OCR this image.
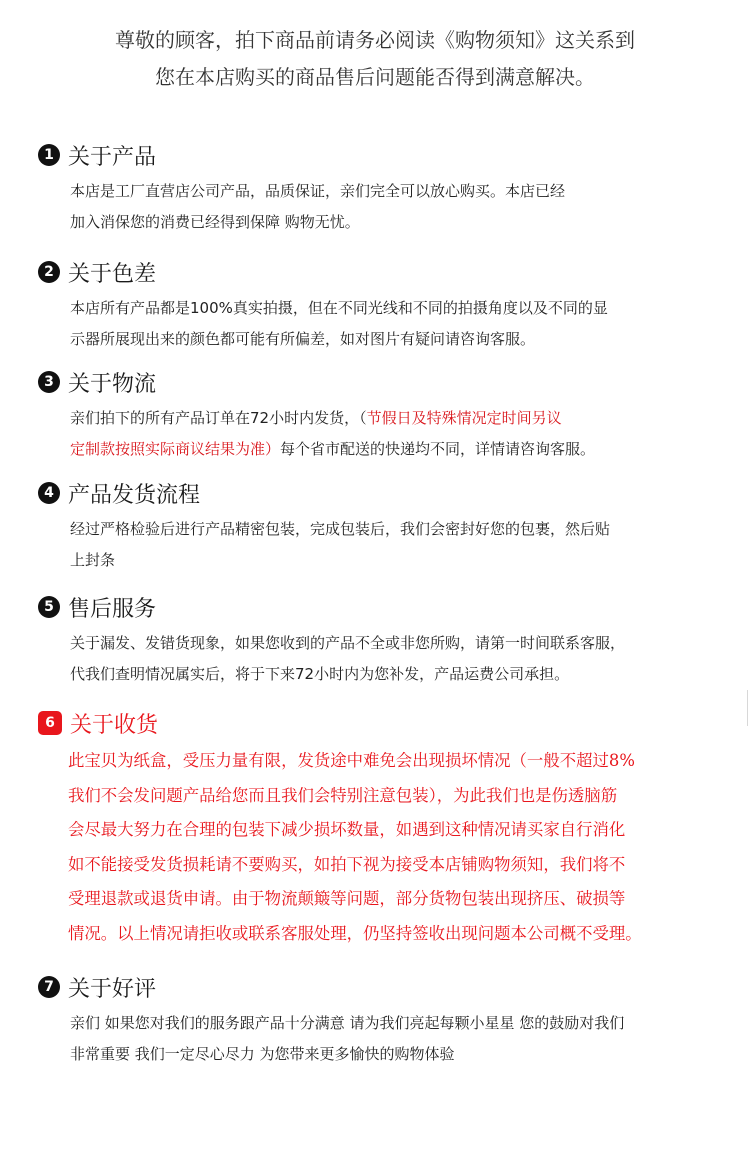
尊敬的顾客，拍下商品前请务必阅读《购物须知》这关系到
您在本店购买的商品售后问题能否得到满意解决。
1 关于产品
本店是工厂直营店公司产品，品质保证，亲们完全可以放心购买。本店已经
加入消保您的消费已经得到保障 购物无忧。
2 关于色差
本店所有产品都是100%真实拍摄，但在不同光线和不同的拍摄角度以及不同的显
示器所展现出来的颜色都可能有所偏差，如对图片有疑问请咨询客服。
3 关于物流
亲们拍下的所有产品订单在72小时内发货，（节假日及特殊情况定时间另议
定制款按照实际商议结果为准）每个省市配送的快递均不同，详情请咨询客服。
4 产品发货流程
经过严格检验后进行产品精密包装，完成包装后，我们会密封好您的包裹，然后贴
上封条
5 售后服务
关于漏发、发错货现象，如果您收到的产品不全或非您所购，请第一时间联系客服，
代我们查明情况属实后，将于下来72小时内为您补发，产品运费公司承担。
6 关于收货
此宝贝为纸盒，受压力量有限，发货途中难免会出现损坏情况（一般不超过8%
我们不会发问题产品给您而且我们会特别注意包装），为此我们也是伤透脑筋
会尽最大努力在合理的包装下减少损坏数量，如遇到这种情况请买家自行消化
如不能接受发货损耗请不要购买，如拍下视为接受本店铺购物须知，我们将不
受理退款或退货申请。由于物流颠簸等问题，部分货物包装出现挤压、破损等
情况。以上情况请拒收或联系客服处理，仍坚持签收出现问题本公司概不受理。
7 关于好评
亲们 如果您对我们的服务跟产品十分满意 请为我们亮起每颗小星星 您的鼓励对我们
非常重要 我们一定尽心尽力 为您带来更多愉快的购物体验
